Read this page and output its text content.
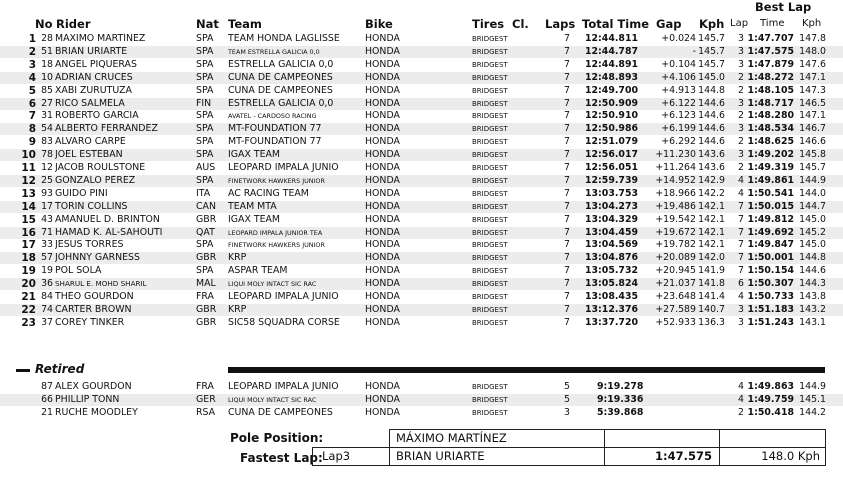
Best Lap
No Rider	Nat Team	Bike	Tires Cl. Laps Total Time Gap Kph Lap Time Kph
1 28 MÁXIMO MARTÍNEZ	SPA	TEAM HONDA LAGLISSE	HONDA	BRIDGEST	7	12:44.811	+0.024 145.7	3 1:47.707 147.8
2 51 BRIAN URIARTE	SPA	TEAM ESTRELLA GALICIA 0,0	HONDA	BRIDGEST	7	12:44.787	- 145.7	3 1:47.575 148.0
3 18 ANGEL PIQUERAS	SPA	ESTRELLA GALICIA 0,0	HONDA	BRIDGEST	7	12:44.891	+0.104 145.7	3 1:47.879 147.6
4 10 ADRIÁN CRUCES	SPA	CUNA DE CAMPEONES	HONDA	BRIDGEST	7	12:48.893	+4.106 145.0	2 1:48.272 147.1
5 85 XABI ZURUTUZA	SPA	CUNA DE CAMPEONES	HONDA	BRIDGEST	7	12:49.700	+4.913 144.8	2 1:48.105 147.3
6 27 RICO SALMELA	FIN	ESTRELLA GALICIA 0,0	HONDA	BRIDGEST	7	12:50.909	+6.122 144.6	3 1:48.717 146.5
7 31 ROBERTO GARCIA	SPA	AVATEL - CARDOSO RACING	HONDA	BRIDGEST	7	12:50.910	+6.123 144.6	2 1:48.280 147.1
8 54 ALBERTO FERRÁNDEZ	SPA	MT-FOUNDATION 77	HONDA	BRIDGEST	7	12:50.986	+6.199 144.6	3 1:48.534 146.7
9 83 ALVARO CARPE	SPA	MT-FOUNDATION 77	HONDA	BRIDGEST	7	12:51.079	+6.292 144.6	2 1:48.625 146.6
10 78 JOEL ESTEBAN	SPA	IGAX TEAM	HONDA	BRIDGEST	7	12:56.017	+11.230 143.6	3 1:49.202 145.8
11 12 JACOB ROULSTONE	AUS	LEOPARD IMPALA JUNIO	HONDA	BRIDGEST	7	12:56.051	+11.264 143.6	2 1:49.319 145.7
12 25 GONZALO PÉREZ	SPA	FINETWORK HAWKERS JUNIOR	HONDA	BRIDGEST	7	12:59.739	+14.952 142.9	4 1:49.861 144.9
13 93 GUIDO PINI	ITA	AC RACING TEAM	HONDA	BRIDGEST	7	13:03.753	+18.966 142.2	4 1:50.541 144.0
14 17 TORIN COLLINS	CAN	TEAM MTA	HONDA	BRIDGEST	7	13:04.273	+19.486 142.1	7 1:50.015 144.7
15 43 AMANUEL D. BRINTON	GBR	IGAX TEAM	HONDA	BRIDGEST	7	13:04.329	+19.542 142.1	7 1:49.812 145.0
16 71 HAMAD K. AL-SAHOUTI	QAT	LEOPARD IMPALA JUNIOR TEA	HONDA	BRIDGEST	7	13:04.459	+19.672 142.1	7 1:49.692 145.2
17 33 JESUS TORRES	SPA	FINETWORK HAWKERS JUNIOR	HONDA	BRIDGEST	7	13:04.569	+19.782 142.1	7 1:49.847 145.0
18 57 JOHNNY GARNESS	GBR	KRP	HONDA	BRIDGEST	7	13:04.876	+20.089 142.0	7 1:50.001 144.8
19 19 POL SOLÁ	SPA	ASPAR TEAM	HONDA	BRIDGEST	7	13:05.732	+20.945 141.9	7 1:50.154 144.6
20 36 SHARUL E. MOHD SHARIL	MAL	LIQUI MOLY INTACT SIC RAC	HONDA	BRIDGEST	7	13:05.824	+21.037 141.8	6 1:50.307 144.3
21 84 THÉO GOURDON	FRA	LEOPARD IMPALA JUNIO	HONDA	BRIDGEST	7	13:08.435	+23.648 141.4	4 1:50.733 143.8
22 74 CARTER BROWN	GBR	KRP	HONDA	BRIDGEST	7	13:12.376	+27.589 140.7	3 1:51.183 143.2
23 37 COREY TINKER	GBR	SIC58 SQUADRA CORSE	HONDA	BRIDGEST	7	13:37.720	+52.933 136.3	3 1:51.243 143.1
Retired
87 ALEX GOURDON	FRA	LEOPARD IMPALA JUNIO	HONDA	BRIDGEST	5	9:19.278	4 1:49.863 144.9
66 PHILLIP TONN	GER	LIQUI MOLY INTACT SIC RAC	HONDA	BRIDGEST	5	9:19.336	4 1:49.759 145.1
21 RUCHÉ MOODLEY	RSA	CUNA DE CAMPEONES	HONDA	BRIDGEST	3	5:39.868	2 1:50.418 144.2
Pole Position:	MÁXIMO MARTÍNEZ
Fastest Lap: Lap3	BRIAN URIARTE	1:47.575	148.0 Kph
